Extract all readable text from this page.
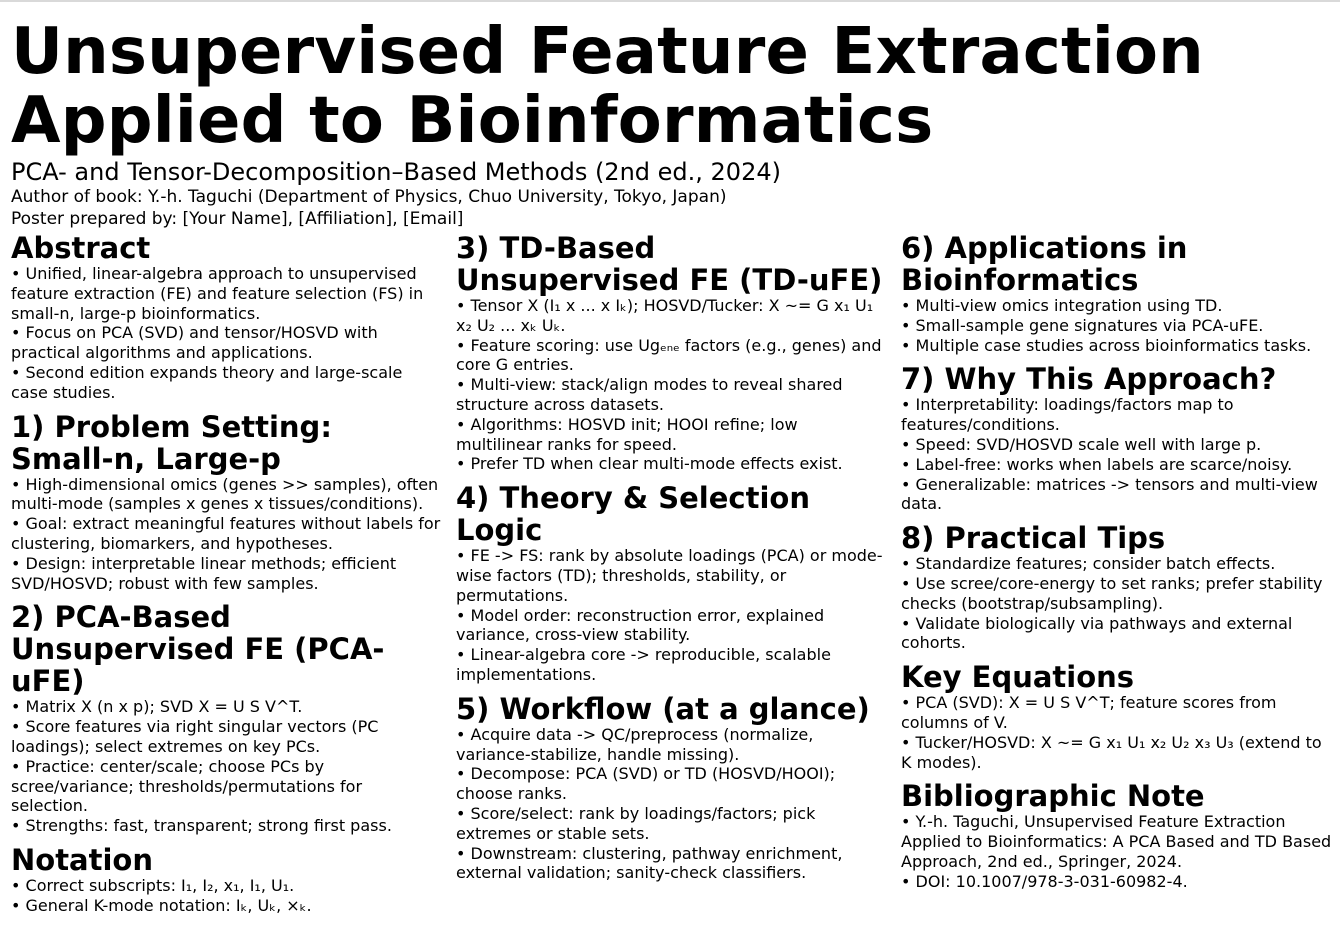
Unsupervised Feature Extraction
Applied to Bioinformatics

PCA- and Tensor-Decomposition–Based Methods (2nd ed., 2024)

Author of book: Y.-h. Taguchi (Department of Physics, Chuo University, Tokyo, Japan)

Poster prepared by: [Your Name], [Affiliation], [Email]

Abstract

• Unified, linear-algebra approach to unsupervised feature extraction (FE) and feature selection (FS) in small-n, large-p bioinformatics.

• Focus on PCA (SVD) and tensor/HOSVD with practical algorithms and applications.

• Second edition expands theory and large-scale case studies.

1) Problem Setting: Small-n, Large-p

• High-dimensional omics (genes >> samples), often multi-mode (samples x genes x tissues/conditions).

• Goal: extract meaningful features without labels for clustering, biomarkers, and hypotheses.

• Design: interpretable linear methods; efficient SVD/HOSVD; robust with few samples.

2) PCA-Based Unsupervised FE (PCA-uFE)

• Matrix X (n x p); SVD X = U S V^T.

• Score features via right singular vectors (PC loadings); select extremes on key PCs.

• Practice: center/scale; choose PCs by scree/variance; thresholds/permutations for selection.

• Strengths: fast, transparent; strong first pass.

Notation

• Correct subscripts: I₁, I₂, x₁, I₁, U₁.

• General K-mode notation: Iₖ, Uₖ, ×ₖ.

3) TD-Based Unsupervised FE (TD-uFE)

• Tensor X (I₁ x ... x Iₖ); HOSVD/Tucker: X ~= G x₁ U₁ x₂ U₂ ... xₖ Uₖ.

• Feature scoring: use Ugₑₙₑ factors (e.g., genes) and core G entries.

• Multi-view: stack/align modes to reveal shared structure across datasets.

• Algorithms: HOSVD init; HOOI refine; low multilinear ranks for speed.

• Prefer TD when clear multi-mode effects exist.

4) Theory & Selection Logic

• FE -> FS: rank by absolute loadings (PCA) or mode-wise factors (TD); thresholds, stability, or permutations.

• Model order: reconstruction error, explained variance, cross-view stability.

• Linear-algebra core -> reproducible, scalable implementations.

5) Workflow (at a glance)

• Acquire data -> QC/preprocess (normalize, variance-stabilize, handle missing).

• Decompose: PCA (SVD) or TD (HOSVD/HOOI); choose ranks.

• Score/select: rank by loadings/factors; pick extremes or stable sets.

• Downstream: clustering, pathway enrichment, external validation; sanity-check classifiers.

6) Applications in Bioinformatics

• Multi-view omics integration using TD.

• Small-sample gene signatures via PCA-uFE.

• Multiple case studies across bioinformatics tasks.

7) Why This Approach?

• Interpretability: loadings/factors map to features/conditions.

• Speed: SVD/HOSVD scale well with large p.

• Label-free: works when labels are scarce/noisy.

• Generalizable: matrices -> tensors and multi-view data.

8) Practical Tips

• Standardize features; consider batch effects.

• Use scree/core-energy to set ranks; prefer stability checks (bootstrap/subsampling).

• Validate biologically via pathways and external cohorts.

Key Equations

• PCA (SVD): X = U S V^T; feature scores from columns of V.

• Tucker/HOSVD: X ~= G x₁ U₁ x₂ U₂ x₃ U₃ (extend to K modes).

Bibliographic Note

• Y.-h. Taguchi, Unsupervised Feature Extraction Applied to Bioinformatics: A PCA Based and TD Based Approach, 2nd ed., Springer, 2024.

• DOI: 10.1007/978-3-031-60982-4.
